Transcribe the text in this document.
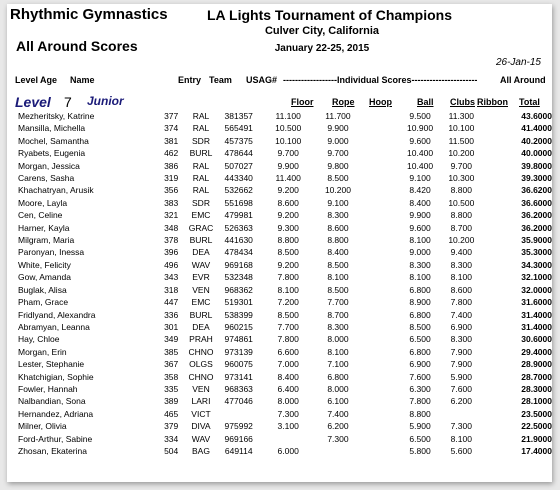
Rhythmic Gymnastics	LA Lights Tournament of Champions
Culver City, California
All Around Scores	January 22-25, 2015
26-Jan-15
Level Age Name	Entry Team USAG# ------------------Individual Scores----------------------	All Around
Level 7 Junior	Floor Rope Hoop	Ball Clubs Ribbon Total
Mezheritsky, Katrine	377	RAL	381357	11.100	11.700		9.500	11.300		43.6000
Mansilla, Michella	374	RAL	565491	10.500	9.900		10.900	10.100		41.4000
Mochel, Samantha	381	SDR	457375	10.100	9.000		9.600	11.500		40.2000
Ryabets, Eugenia	462	BURL	478644	9.700	9.700		10.400	10.200		40.0000
Morgan, Jessica	386	RAL	507027	9.900	9.800		10.400	9.700		39.8000
Carens, Sasha	319	RAL	443340	11.400	8.500		9.100	10.300		39.3000
Khachatryan, Arusik	356	RAL	532662	9.200	10.200		8.420	8.800		36.6200
Moore, Layla	383	SDR	551698	8.600	9.100		8.400	10.500		36.6000
Cen, Celine	321	EMC	479981	9.200	8.300		9.900	8.800		36.2000
Harner, Kayla	348	GRAC	526363	9.300	8.600		9.600	8.700		36.2000
Milgram, Maria	378	BURL	441630	8.800	8.800		8.100	10.200		35.9000
Paronyan, Inessa	396	DEA	478434	8.500	8.400		9.000	9.400		35.3000
White, Felicity	496	WAV	969168	9.200	8.500		8.300	8.300		34.3000
Gow, Amanda	343	EVR	532348	7.800	8.100		8.100	8.100		32.1000
Buglak, Alisa	318	VEN	968362	8.100	8.500		6.800	8.600		32.0000
Pham, Grace	447	EMC	519301	7.200	7.700		8.900	7.800		31.6000
Fridlyand, Alexandra	336	BURL	538399	8.500	8.700		6.800	7.400		31.4000
Abramyan, Leanna	301	DEA	960215	7.700	8.300		8.500	6.900		31.4000
Hay, Chloe	349	PRAH	974861	7.800	8.000		6.500	8.300		30.6000
Morgan, Erin	385	CHNO	973139	6.600	8.100		6.800	7.900		29.4000
Lester, Stephanie	367	OLGS	960075	7.000	7.100		6.900	7.900		28.9000
Khatchigian, Sophie	358	CHNO	973141	8.400	6.800		7.600	5.900		28.7000
Fowler, Hannah	335	VEN	968363	6.400	8.000		6.300	7.600		28.3000
Nalbandian, Sona	389	LARI	477046	8.000	6.100		7.800	6.200		28.1000
Hernandez, Adriana	465	VICT		7.300	7.400		8.800			23.5000
Milner, Olivia	379	DIVA	975992	3.100	6.200		5.900	7.300		22.5000
Ford-Arthur, Sabine	334	WAV	969166		7.300		6.500	8.100		21.9000
Zhosan, Ekaterina	504	BAG	649114	6.000			5.800	5.600		17.4000
